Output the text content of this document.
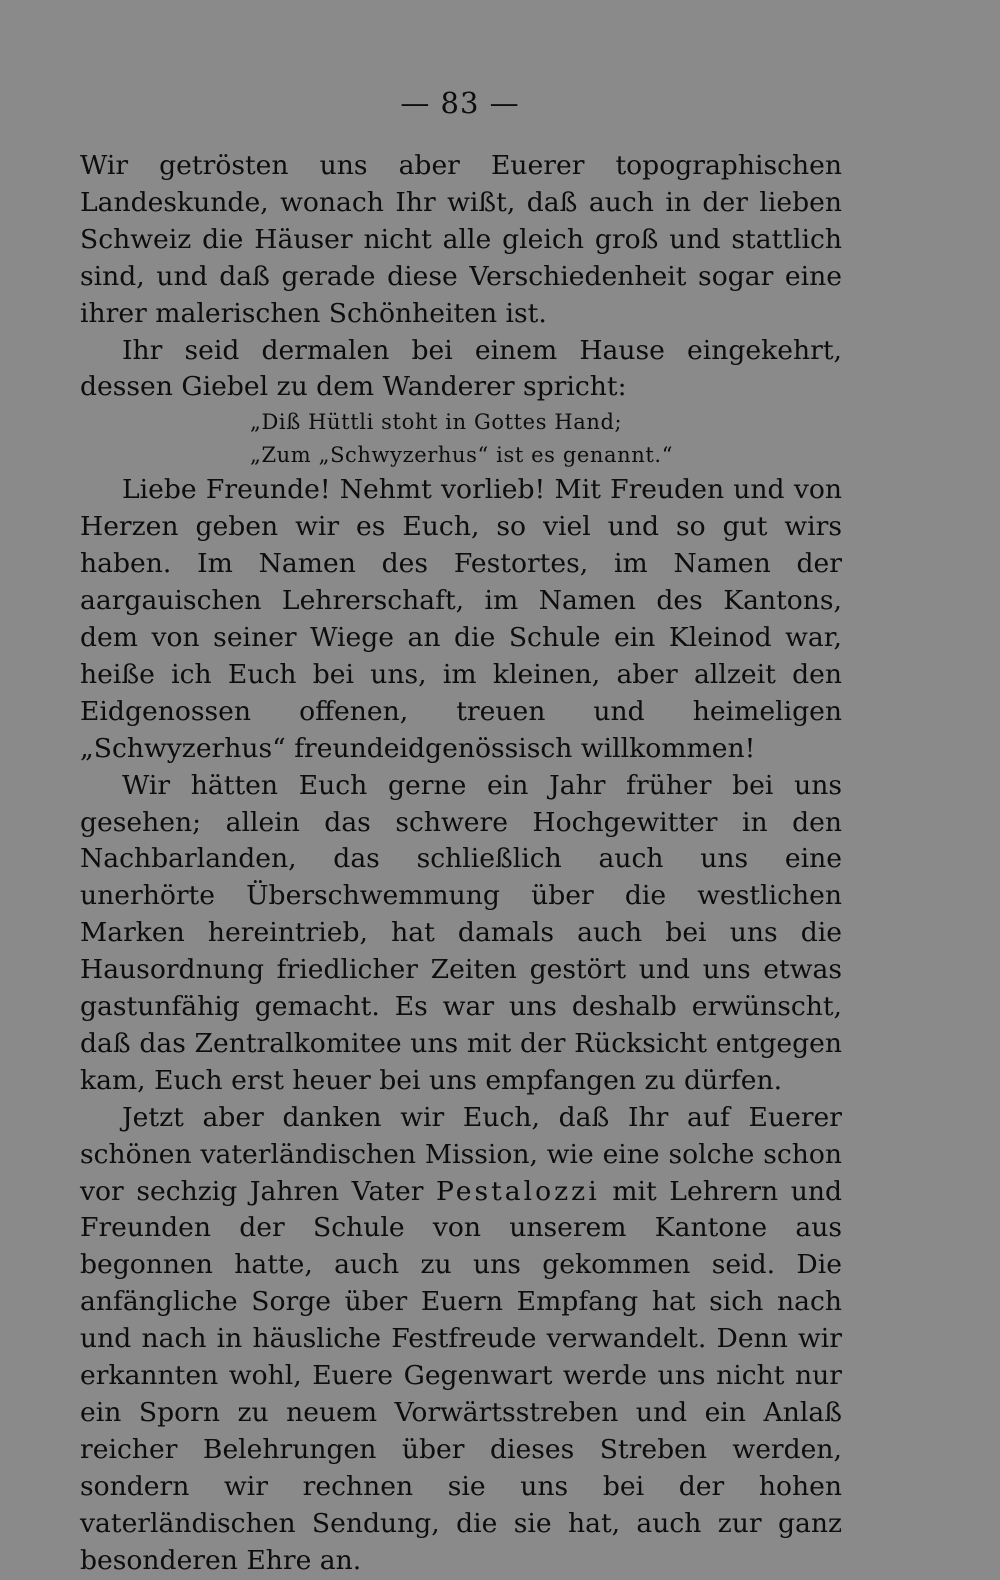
— 83 —

Wir getrösten uns aber Euerer topographischen Landeskunde, wonach Ihr wißt, daß auch in der lieben Schweiz die Häuser nicht alle gleich groß und stattlich sind, und daß gerade diese Verschiedenheit sogar eine ihrer malerischen Schönheiten ist.

Ihr seid dermalen bei einem Hause eingekehrt, dessen Giebel zu dem Wanderer spricht:

„Diß Hüttli stoht in Gottes Hand;
„Zum „Schwyzerhus“ ist es genannt.“

Liebe Freunde! Nehmt vorlieb! Mit Freuden und von Herzen geben wir es Euch, so viel und so gut wirs haben. Im Namen des Festortes, im Namen der aargauischen Lehrerschaft, im Namen des Kantons, dem von seiner Wiege an die Schule ein Kleinod war, heiße ich Euch bei uns, im kleinen, aber allzeit den Eidgenossen offenen, treuen und heimeligen „Schwyzerhus“ freundeidgenössisch willkommen!

Wir hätten Euch gerne ein Jahr früher bei uns gesehen; allein das schwere Hochgewitter in den Nachbarlanden, das schließlich auch uns eine unerhörte Überschwemmung über die westlichen Marken hereintrieb, hat damals auch bei uns die Hausordnung friedlicher Zeiten gestört und uns etwas gastunfähig gemacht. Es war uns deshalb erwünscht, daß das Zentralkomitee uns mit der Rücksicht entgegen kam, Euch erst heuer bei uns empfangen zu dürfen.

Jetzt aber danken wir Euch, daß Ihr auf Euerer schönen vaterländischen Mission, wie eine solche schon vor sechzig Jahren Vater Pestalozzi mit Lehrern und Freunden der Schule von unserem Kantone aus begonnen hatte, auch zu uns gekommen seid. Die anfängliche Sorge über Euern Empfang hat sich nach und nach in häusliche Festfreude verwandelt. Denn wir erkannten wohl, Euere Gegenwart werde uns nicht nur ein Sporn zu neuem Vorwärtsstreben und ein Anlaß reicher Belehrungen über dieses Streben werden, sondern wir rechnen sie uns bei der hohen vaterländischen Sendung, die sie hat, auch zur ganz besonderen Ehre an.
